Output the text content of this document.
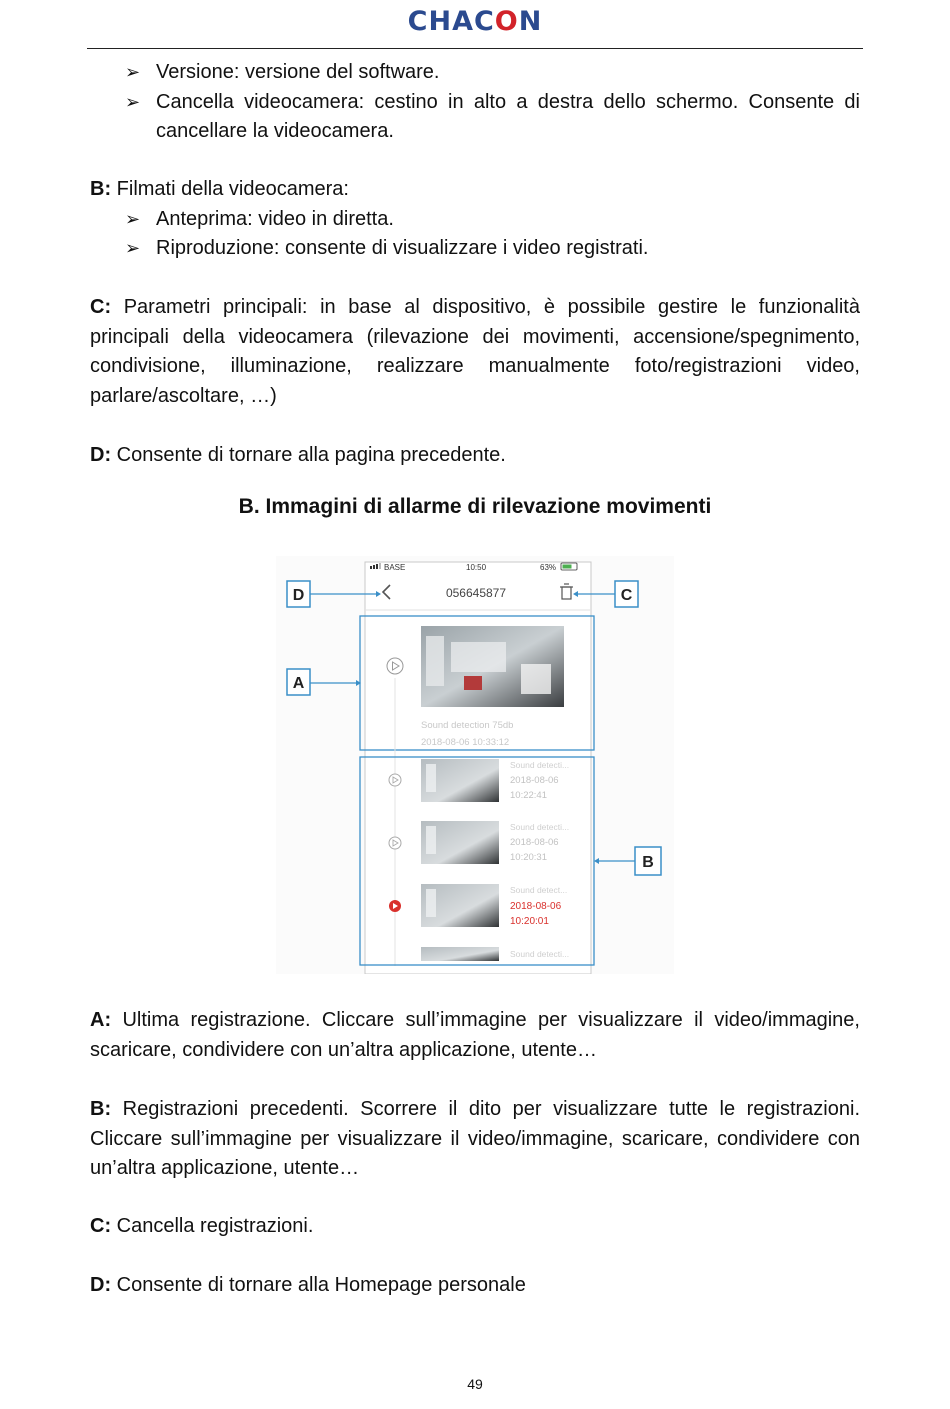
CHACON
➢ Versione: versione del software.
➢ Cancella videocamera: cestino in alto a destra dello schermo. Consente di cancellare la videocamera.
B: Filmati della videocamera:
➢ Anteprima: video in diretta.
➢ Riproduzione: consente di visualizzare i video registrati.
C: Parametri principali: in base al dispositivo, è possibile gestire le funzionalità principali della videocamera (rilevazione dei movimenti, accensione/spegnimento, condivisione, illuminazione, realizzare manualmente foto/registrazioni video, parlare/ascoltare, …)
D: Consente di tornare alla pagina precedente.
B. Immagini di allarme di rilevazione movimenti
BASE	10:50	63%
056645877
D	C
A
Sound detection 75db
2018-08-06 10:33:12
B
Sound detecti...
2018-08-06
10:22:41
Sound detecti...
2018-08-06
10:20:31
Sound detect...
2018-08-06
10:20:01
Sound detecti...
A: Ultima registrazione. Cliccare sull’immagine per visualizzare il video/immagine, scaricare, condividere con un’altra applicazione, utente…
B: Registrazioni precedenti. Scorrere il dito per visualizzare tutte le registrazioni. Cliccare sull’immagine per visualizzare il video/immagine, scaricare, condividere con un’altra applicazione, utente…
C: Cancella registrazioni.
D: Consente di tornare alla Homepage personale
49
